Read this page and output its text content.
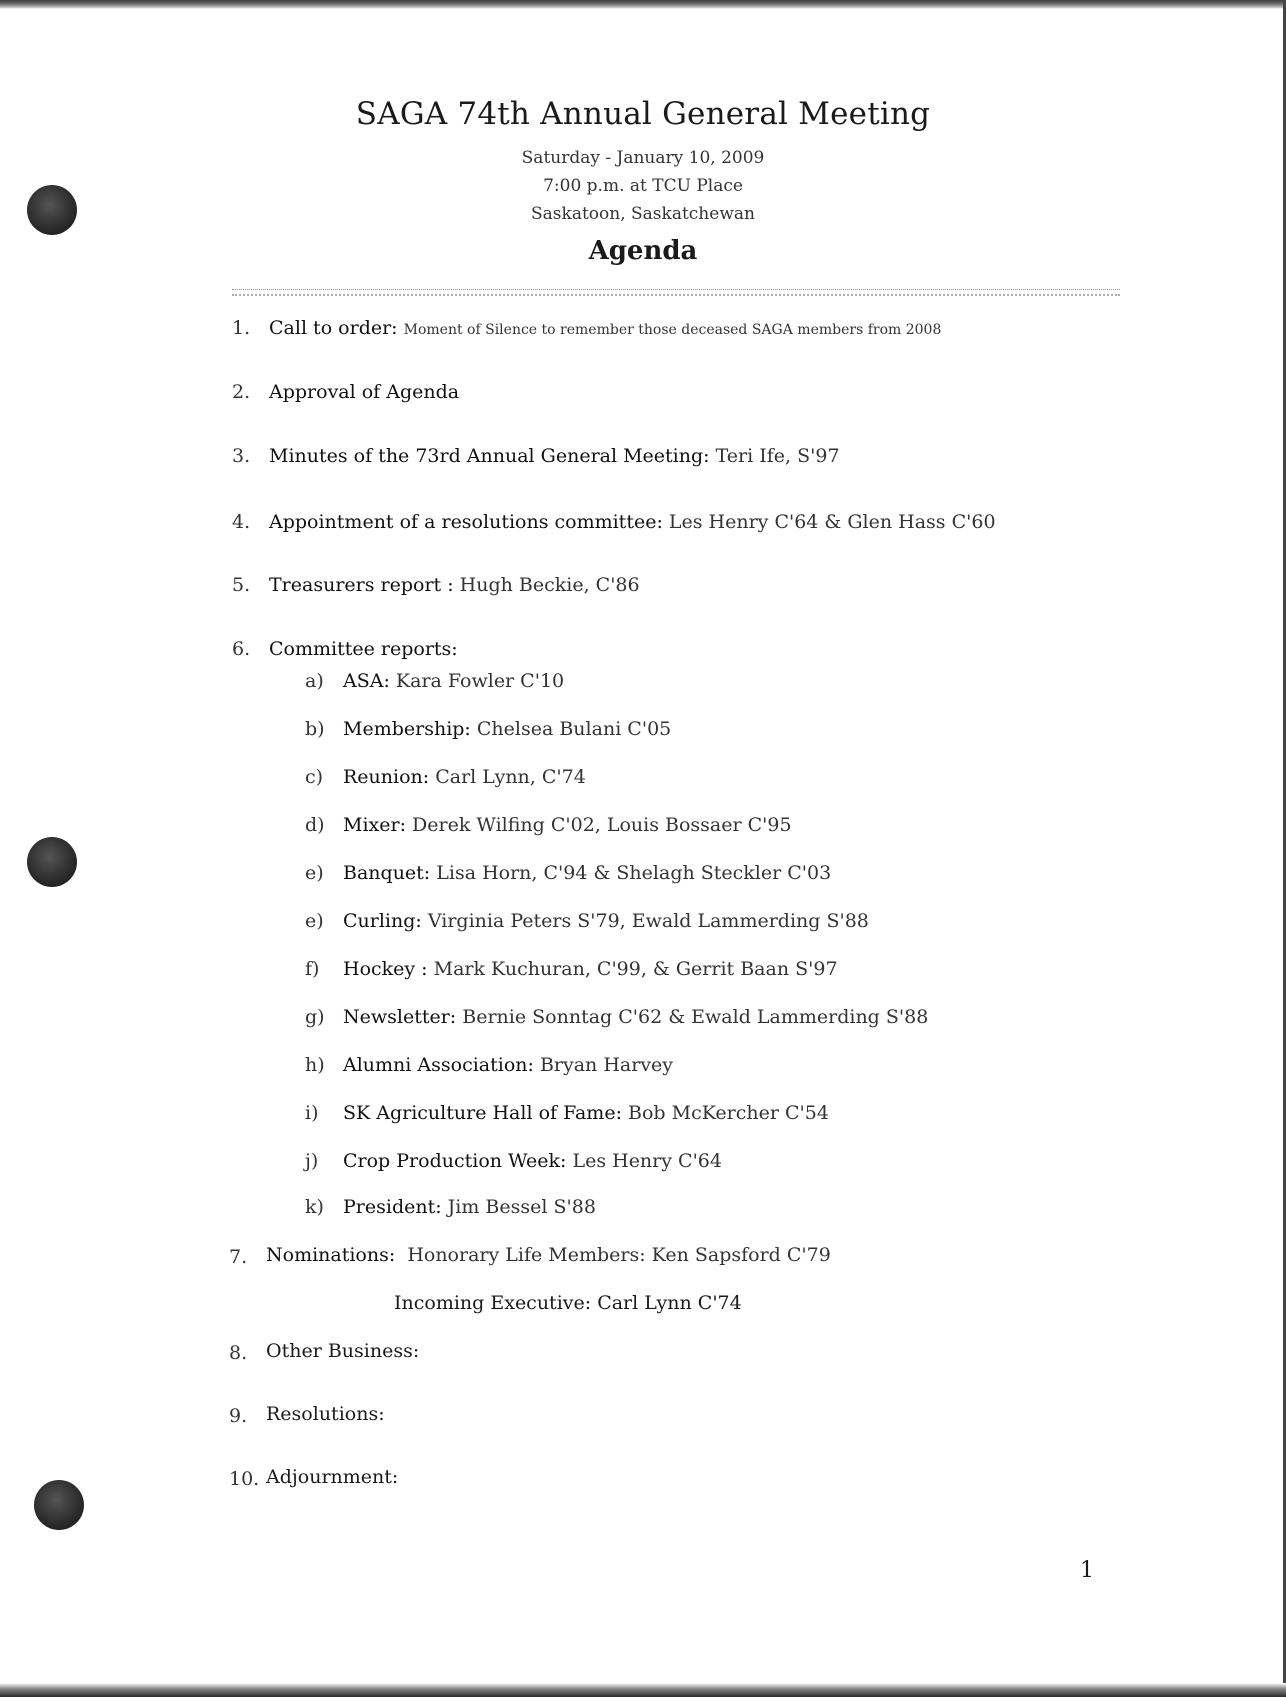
SAGA 74th Annual General Meeting
Saturday - January 10, 2009
7:00 p.m. at TCU Place
Saskatoon, Saskatchewan
Agenda
1. Call to order: Moment of Silence to remember those deceased SAGA members from 2008
2. Approval of Agenda
3. Minutes of the 73rd Annual General Meeting: Teri Ife, S'97
4. Appointment of a resolutions committee: Les Henry C'64 & Glen Hass C'60
5. Treasurers report : Hugh Beckie, C'86
6. Committee reports:
a) ASA: Kara Fowler C'10
b) Membership: Chelsea Bulani C'05
c) Reunion: Carl Lynn, C'74
d) Mixer: Derek Wilfing C'02, Louis Bossaer C'95
e) Banquet: Lisa Horn, C'94 & Shelagh Steckler C'03
e) Curling: Virginia Peters S'79, Ewald Lammerding S'88
f) Hockey : Mark Kuchuran, C'99, & Gerrit Baan S'97
g) Newsletter: Bernie Sonntag C'62 & Ewald Lammerding S'88
h) Alumni Association: Bryan Harvey
i) SK Agriculture Hall of Fame: Bob McKercher C'54
j) Crop Production Week: Les Henry C'64
k) President: Jim Bessel S'88
7. Nominations: Honorary Life Members: Ken Sapsford C'79
Incoming Executive: Carl Lynn C'74
8. Other Business:
9. Resolutions:
10. Adjournment:
1
